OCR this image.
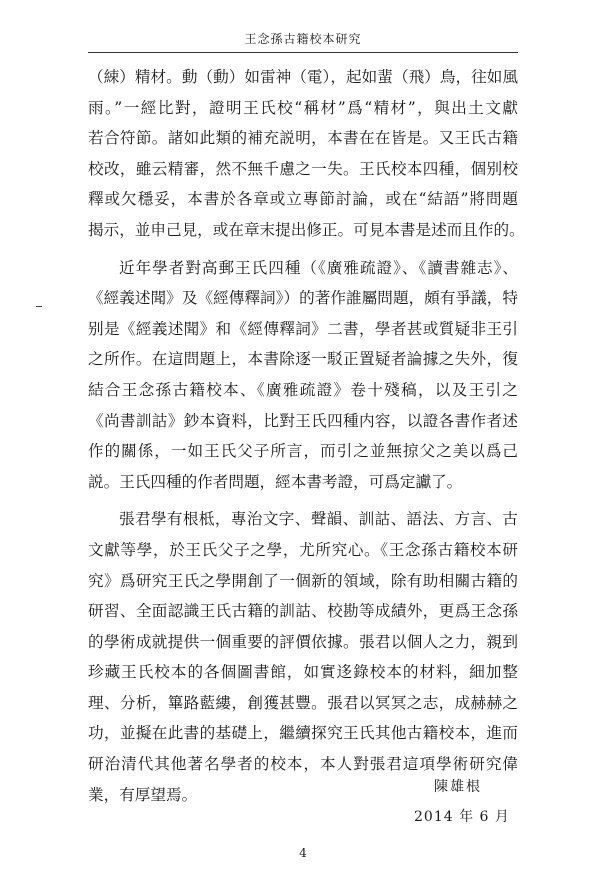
王念孫古籍校本研究
（綀）精材。動（動）如雷神（電），起如蜚（飛）鳥，往如風
雨。”一經比對，證明王氏校“稱材”爲“精材”，與出土文獻
若合符節。諸如此類的補充説明，本書在在皆是。又王氏古籍
校改，雖云精審，然不無千慮之一失。王氏校本四種，個别校
釋或欠穩妥，本書於各章或立專節討論，或在“結語”將問題
揭示，並申己見，或在章末提出修正。可見本書是述而且作的。
近年學者對高郵王氏四種（《廣雅疏證》、《讀書雜志》、
《經義述聞》及《經傳釋詞》）的著作誰屬問題，頗有爭議，特
别是《經義述聞》和《經傳釋詞》二書，學者甚或質疑非王引
之所作。在這問題上，本書除逐一駁正置疑者論據之失外，復
結合王念孫古籍校本、《廣雅疏證》卷十殘稿，以及王引之
《尚書訓詁》鈔本資料，比對王氏四種内容，以證各書作者述
作的關係，一如王氏父子所言，而引之並無掠父之美以爲己
説。王氏四種的作者問題，經本書考證，可爲定讞了。
張君學有根柢，專治文字、聲韻、訓詁、語法、方言、古
文獻等學，於王氏父子之學，尤所究心。《王念孫古籍校本研
究》爲研究王氏之學開創了一個新的領域，除有助相關古籍的
研習、全面認識王氏古籍的訓詁、校勘等成績外，更爲王念孫
的學術成就提供一個重要的評價依據。張君以個人之力，親到
珍藏王氏校本的各個圖書館，如實迻錄校本的材料，細加整
理、分析，篳路藍縷，創獲甚豐。張君以冥冥之志，成赫赫之
功，並擬在此書的基礎上，繼續探究王氏其他古籍校本，進而
研治清代其他著名學者的校本，本人對張君這項學術研究偉
業，有厚望焉。	陳雄根
2014 年 6 月
4
